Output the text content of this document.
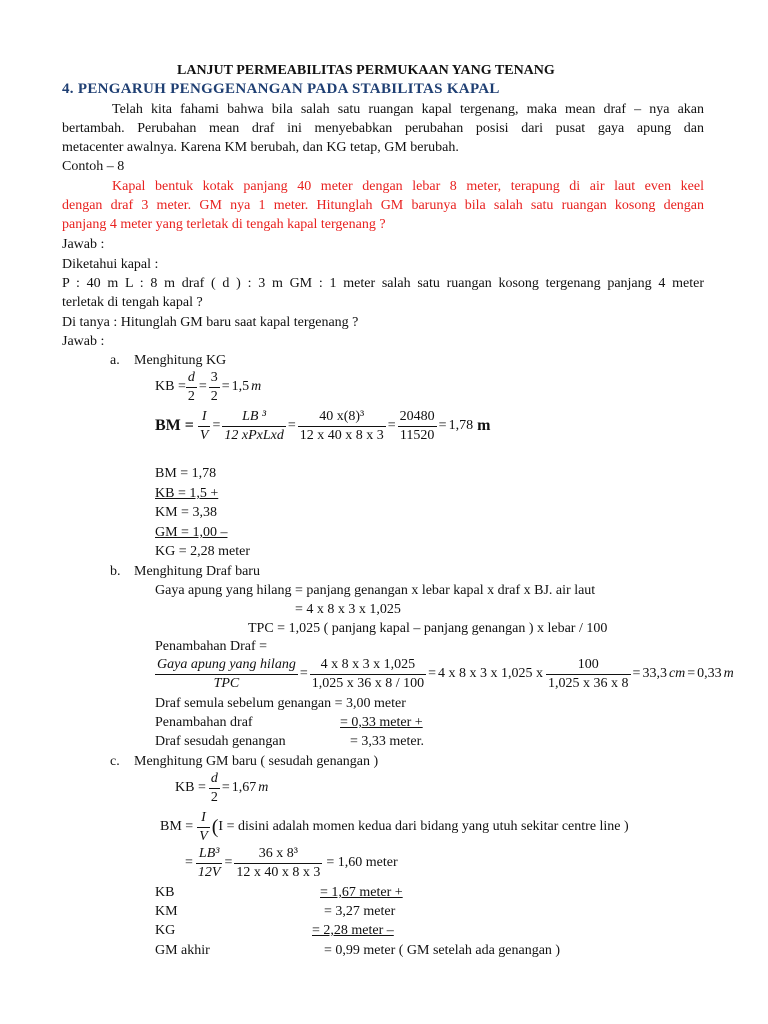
LANJUT PERMEABILITAS PERMUKAAN YANG TENANG
4. PENGARUH PENGGENANGAN PADA STABILITAS KAPAL
Telah kita fahami bahwa bila salah satu ruangan kapal tergenang, maka mean draf – nya akan
bertambah. Perubahan mean draf ini menyebabkan perubahan posisi dari pusat gaya apung dan
metacenter awalnya. Karena KM berubah, dan KG tetap, GM berubah.
Contoh – 8
Kapal bentuk kotak panjang 40 meter dengan lebar 8 meter, terapung di air laut even keel
dengan draf 3 meter. GM nya 1 meter. Hitunglah GM barunya bila salah satu ruangan kosong dengan
panjang 4 meter yang terletak di tengah kapal tergenang ?
Jawab :
Diketahui kapal :
P : 40 m L : 8 m draf ( d ) : 3 m GM : 1 meter salah satu ruangan kosong tergenang panjang 4 meter
terletak di tengah kapal ?
Di tanya : Hitunglah GM baru saat kapal tergenang ?
Jawab :
a. Menghitung KG
KB = $\frac{d}{2} = \frac{3}{2} = 1,5$ m
BM = $\frac{I}{V} = \frac{\text{LB ³}}{\text{12 xPxLxd}} = \frac{\text{40 x(8)³}}{12 x 40 x 8 x 3} = \frac{20480}{11520} = 1,78$ m
BM = 1,78
KB = 1,5 +
KM = 3,38
GM = 1,00 –
KG = 2,28 meter
b. Menghitung Draf baru
Gaya apung yang hilang = panjang genangan x lebar kapal x draf x BJ. air laut
= 4 x 8 x 3 x 1,025
TPC = 1,025 ( panjang kapal – panjang genangan ) x lebar / 100
Penambahan Draf =
$\frac{\text{Gaya apung yang hilang}}{\text{TPC}} = \frac{4 x 8 x 3 x 1,025}{1,025 x 36 x 8 / 100} = 4$ x 8 x 3 x 1,025 x $\frac{100}{1,025 x 36 x 8} = 33,3$ cm = 0,33 m
Draf semula sebelum genangan = 3,00 meter
Penambahan draf	= 0,33 meter +
Draf sesudah genangan	= 3,33 meter.
c. Menghitung GM baru ( sesudah genangan )
KB = $\frac{d}{2} = 1,67$ m
BM = $\frac{I}{V}$ ( I = disini adalah momen kedua dari bidang yang utuh sekitar centre line )
= $\frac{\text{LB³}}{12V} = \frac{\text{36 x 8³}}{12 x 40 x 8 x 3} = 1,60$ meter
KB	= 1,67 meter +
KM	= 3,27 meter
KG	= 2,28 meter –
GM akhir	= 0,99 meter ( GM setelah ada genangan )
